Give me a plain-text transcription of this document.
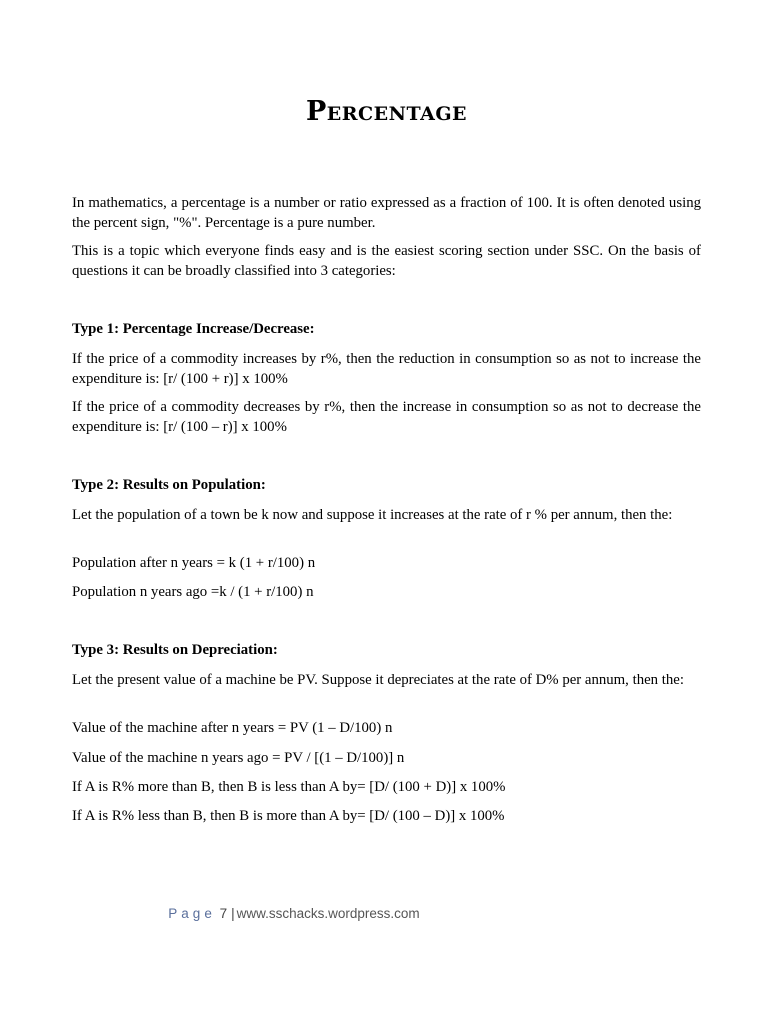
Percentage

In mathematics, a percentage is a number or ratio expressed as a fraction of 100. It is often denoted using the percent sign, "%". Percentage is a pure number.

This is a topic which everyone finds easy and is the easiest scoring section under SSC. On the basis of questions it can be broadly classified into 3 categories:

Type 1: Percentage Increase/Decrease:

If the price of a commodity increases by r%, then the reduction in consumption so as not to increase the expenditure is: [r/ (100 + r)] x 100%

If the price of a commodity decreases by r%, then the increase in consumption so as not to decrease the expenditure is: [r/ (100 – r)] x 100%

Type 2: Results on Population:

Let the population of a town be k now and suppose it increases at the rate of r % per annum, then the:

Population after n years = k (1 + r/100) n

Population n years ago =k / (1 + r/100) n

Type 3: Results on Depreciation:

Let the present value of a machine be PV. Suppose it depreciates at the rate of D% per annum, then the:

Value of the machine after n years = PV (1 – D/100) n

Value of the machine n years ago = PV / [(1 – D/100)] n

If A is R% more than B, then B is less than A by= [D/ (100 + D)] x 100%

If A is R% less than B, then B is more than A by= [D/ (100 – D)] x 100%

Page 7 | www.sschacks.wordpress.com
